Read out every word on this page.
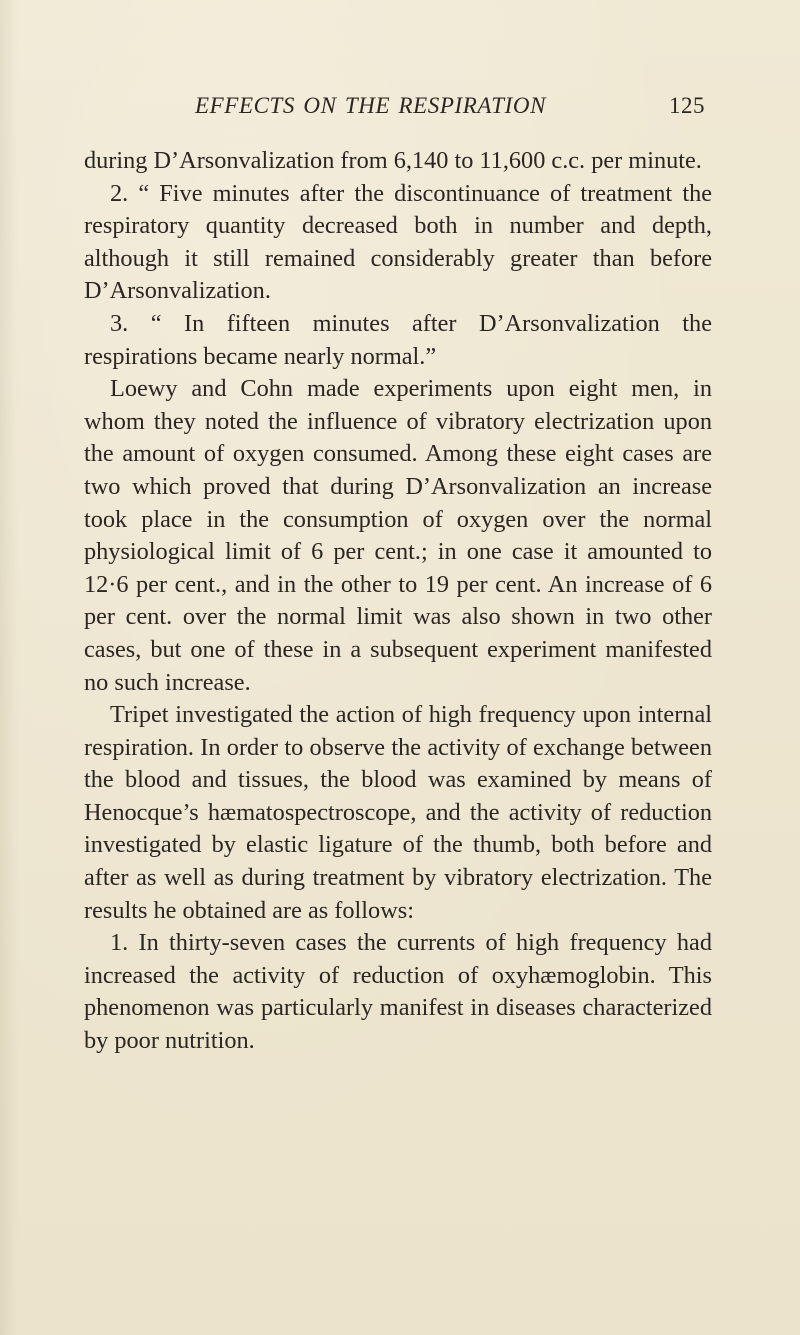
EFFECTS ON THE RESPIRATION	125

during D’Arsonvalization from 6,140 to 11,600 c.c. per minute.

2. “ Five minutes after the discontinuance of treatment the respiratory quantity decreased both in number and depth, although it still remained considerably greater than before D’Arsonvalization.

3. “ In fifteen minutes after D’Arsonvalization the respirations became nearly normal.”

Loewy and Cohn made experiments upon eight men, in whom they noted the influence of vibratory electrization upon the amount of oxygen consumed. Among these eight cases are two which proved that during D’Arsonvalization an increase took place in the consumption of oxygen over the normal physiological limit of 6 per cent.; in one case it amounted to 12·6 per cent., and in the other to 19 per cent. An increase of 6 per cent. over the normal limit was also shown in two other cases, but one of these in a subsequent experiment manifested no such increase.

Tripet investigated the action of high frequency upon internal respiration. In order to observe the activity of exchange between the blood and tissues, the blood was examined by means of Henocque’s hæmatospectroscope, and the activity of reduction investigated by elastic ligature of the thumb, both before and after as well as during treatment by vibratory electrization. The results he obtained are as follows:

1. In thirty-seven cases the currents of high frequency had increased the activity of reduction of oxyhæmoglobin. This phenomenon was particularly manifest in diseases characterized by poor nutrition.
